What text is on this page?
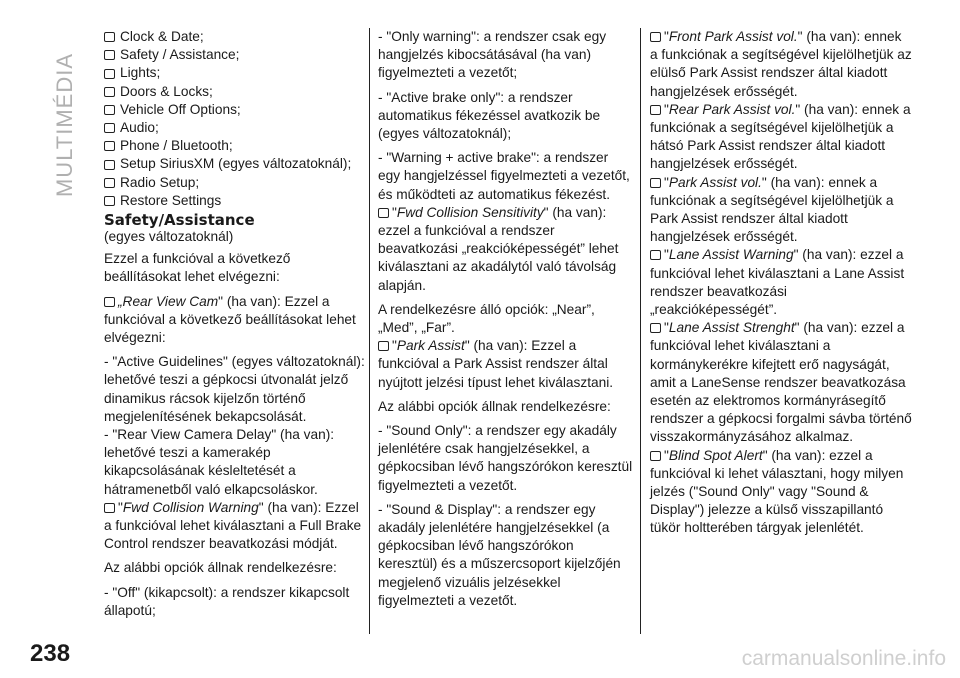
MULTIMÉDIA
Clock & Date;
Safety / Assistance;
Lights;
Doors & Locks;
Vehicle Off Options;
Audio;
Phone / Bluetooth;
Setup SiriusXM (egyes változatoknál);
Radio Setup;
Restore Settings
Safety/Assistance
(egyes változatoknál)

Ezzel a funkcióval a következő beállításokat lehet elvégezni:

„Rear View Cam" (ha van): Ezzel a funkcióval a következő beállításokat lehet elvégezni:

- "Active Guidelines" (egyes változatoknál): lehetővé teszi a gépkocsi útvonalát jelző dinamikus rácsok kijelzőn történő megjelenítésének bekapcsolását.

- "Rear View Camera Delay" (ha van): lehetővé teszi a kamerakép kikapcsolásának késleltetését a hátramenetből való elkapcsoláskor.

"Fwd Collision Warning" (ha van): Ezzel a funkcióval lehet kiválasztani a Full Brake Control rendszer beavatkozási módját.

Az alábbi opciók állnak rendelkezésre:

- "Off" (kikapcsolt): a rendszer kikapcsolt állapotú;

- "Only warning": a rendszer csak egy hangjelzés kibocsátásával (ha van) figyelmezteti a vezetőt;

- "Active brake only": a rendszer automatikus fékezéssel avatkozik be (egyes változatoknál);

- "Warning + active brake": a rendszer egy hangjelzéssel figyelmezteti a vezetőt, és működteti az automatikus fékezést.

"Fwd Collision Sensitivity" (ha van): ezzel a funkcióval a rendszer beavatkozási „reakcióképességét” lehet kiválasztani az akadálytól való távolság alapján.

A rendelkezésre álló opciók: „Near”, „Med”, „Far”.

"Park Assist" (ha van): Ezzel a funkcióval a Park Assist rendszer által nyújtott jelzési típust lehet kiválasztani.

Az alábbi opciók állnak rendelkezésre:

- "Sound Only": a rendszer egy akadály jelenlétére csak hangjelzésekkel, a gépkocsiban lévő hangszórókon keresztül figyelmezteti a vezetőt.

- "Sound & Display": a rendszer egy akadály jelenlétére hangjelzésekkel (a gépkocsiban lévő hangszórókon keresztül) és a műszercsoport kijelzőjén megjelenő vizuális jelzésekkel figyelmezteti a vezetőt.

"Front Park Assist vol." (ha van): ennek a funkciónak a segítségével kijelölhetjük az elülső Park Assist rendszer által kiadott hangjelzések erősségét.

"Rear Park Assist vol." (ha van): ennek a funkciónak a segítségével kijelölhetjük a hátsó Park Assist rendszer által kiadott hangjelzések erősségét.

"Park Assist vol." (ha van): ennek a funkciónak a segítségével kijelölhetjük a Park Assist rendszer által kiadott hangjelzések erősségét.

"Lane Assist Warning" (ha van): ezzel a funkcióval lehet kiválasztani a Lane Assist rendszer beavatkozási „reakcióképességét”.

"Lane Assist Strenght" (ha van): ezzel a funkcióval lehet kiválasztani a kormánykerékre kifejtett erő nagyságát, amit a LaneSense rendszer beavatkozása esetén az elektromos kormányrásegítő rendszer a gépkocsi forgalmi sávba történő visszakormányzásához alkalmaz.

"Blind Spot Alert" (ha van): ezzel a funkcióval ki lehet választani, hogy milyen jelzés ("Sound Only" vagy "Sound & Display") jelezze a külső visszapillantó tükör holtterében tárgyak jelenlétét.

238	carmanualsonline.info
